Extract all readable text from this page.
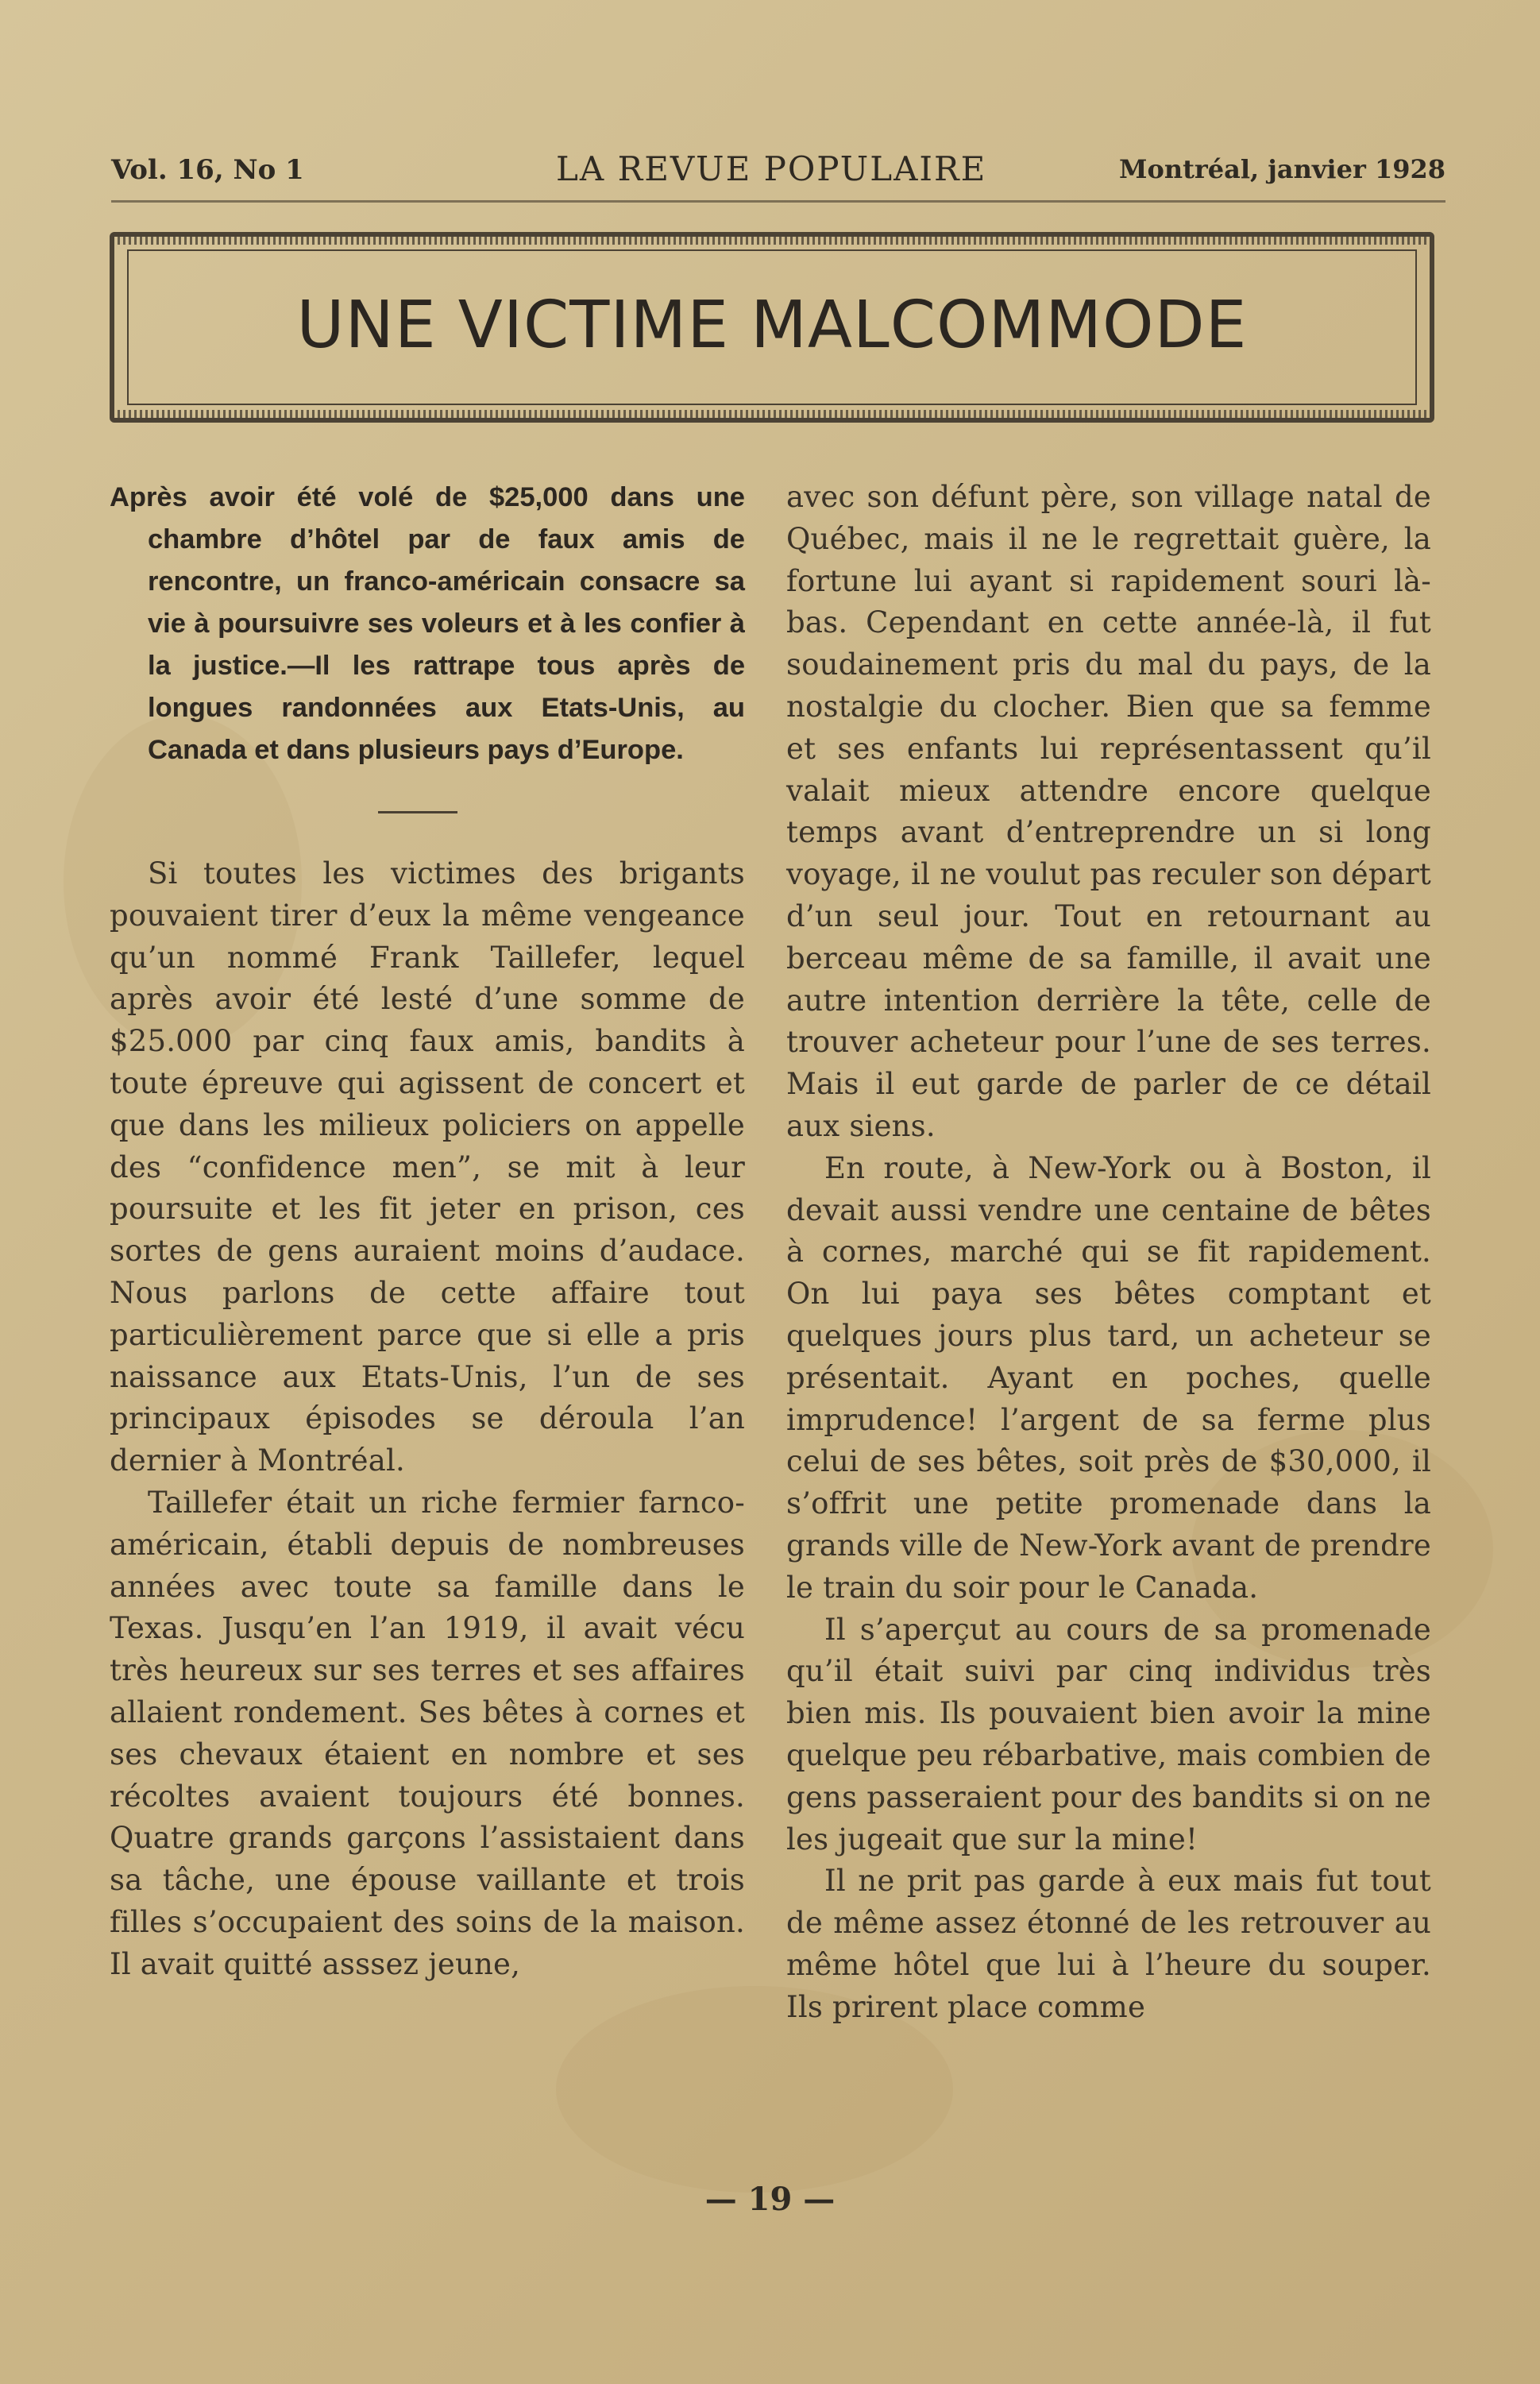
Vol. 16, No 1	LA REVUE POPULAIRE	Montréal, janvier 1928
UNE VICTIME MALCOMMODE

Après avoir été volé de $25,000 dans une chambre d’hôtel par de faux amis de rencontre, un franco-américain consacre sa vie à poursuivre ses voleurs et à les confier à la justice.—Il les rattrape tous après de longues randonnées aux Etats-Unis, au Canada et dans plusieurs pays d’Europe.

Si toutes les victimes des brigants pouvaient tirer d’eux la même vengeance qu’un nommé Frank Taillefer, lequel après avoir été lesté d’une somme de $25.000 par cinq faux amis, bandits à toute épreuve qui agissent de concert et que dans les milieux policiers on appelle des “confidence men”, se mit à leur poursuite et les fit jeter en prison, ces sortes de gens auraient moins d’audace. Nous parlons de cette affaire tout particulièrement parce que si elle a pris naissance aux Etats-Unis, l’un de ses principaux épisodes se déroula l’an dernier à Montréal.

Taillefer était un riche fermier farnco-américain, établi depuis de nombreuses années avec toute sa famille dans le Texas. Jusqu’en l’an 1919, il avait vécu très heureux sur ses terres et ses affaires allaient rondement. Ses bêtes à cornes et ses chevaux étaient en nombre et ses récoltes avaient toujours été bonnes. Quatre grands garçons l’assistaient dans sa tâche, une épouse vaillante et trois filles s’occupaient des soins de la maison. Il avait quitté asssez jeune,

avec son défunt père, son village natal de Québec, mais il ne le regrettait guère, la fortune lui ayant si rapidement souri là-bas. Cependant en cette année-là, il fut soudainement pris du mal du pays, de la nostalgie du clocher. Bien que sa femme et ses enfants lui représentassent qu’il valait mieux attendre encore quelque temps avant d’entreprendre un si long voyage, il ne voulut pas reculer son départ d’un seul jour. Tout en retournant au berceau même de sa famille, il avait une autre intention derrière la tête, celle de trouver acheteur pour l’une de ses terres. Mais il eut garde de parler de ce détail aux siens.

En route, à New-York ou à Boston, il devait aussi vendre une centaine de bêtes à cornes, marché qui se fit rapidement. On lui paya ses bêtes comptant et quelques jours plus tard, un acheteur se présentait. Ayant en poches, quelle imprudence! l’argent de sa ferme plus celui de ses bêtes, soit près de $30,000, il s’offrit une petite promenade dans la grands ville de New-York avant de prendre le train du soir pour le Canada.

Il s’aperçut au cours de sa promenade qu’il était suivi par cinq individus très bien mis. Ils pouvaient bien avoir la mine quelque peu rébarbative, mais combien de gens passeraient pour des bandits si on ne les jugeait que sur la mine!

Il ne prit pas garde à eux mais fut tout de même assez étonné de les retrouver au même hôtel que lui à l’heure du souper. Ils prirent place comme

— 19 —
